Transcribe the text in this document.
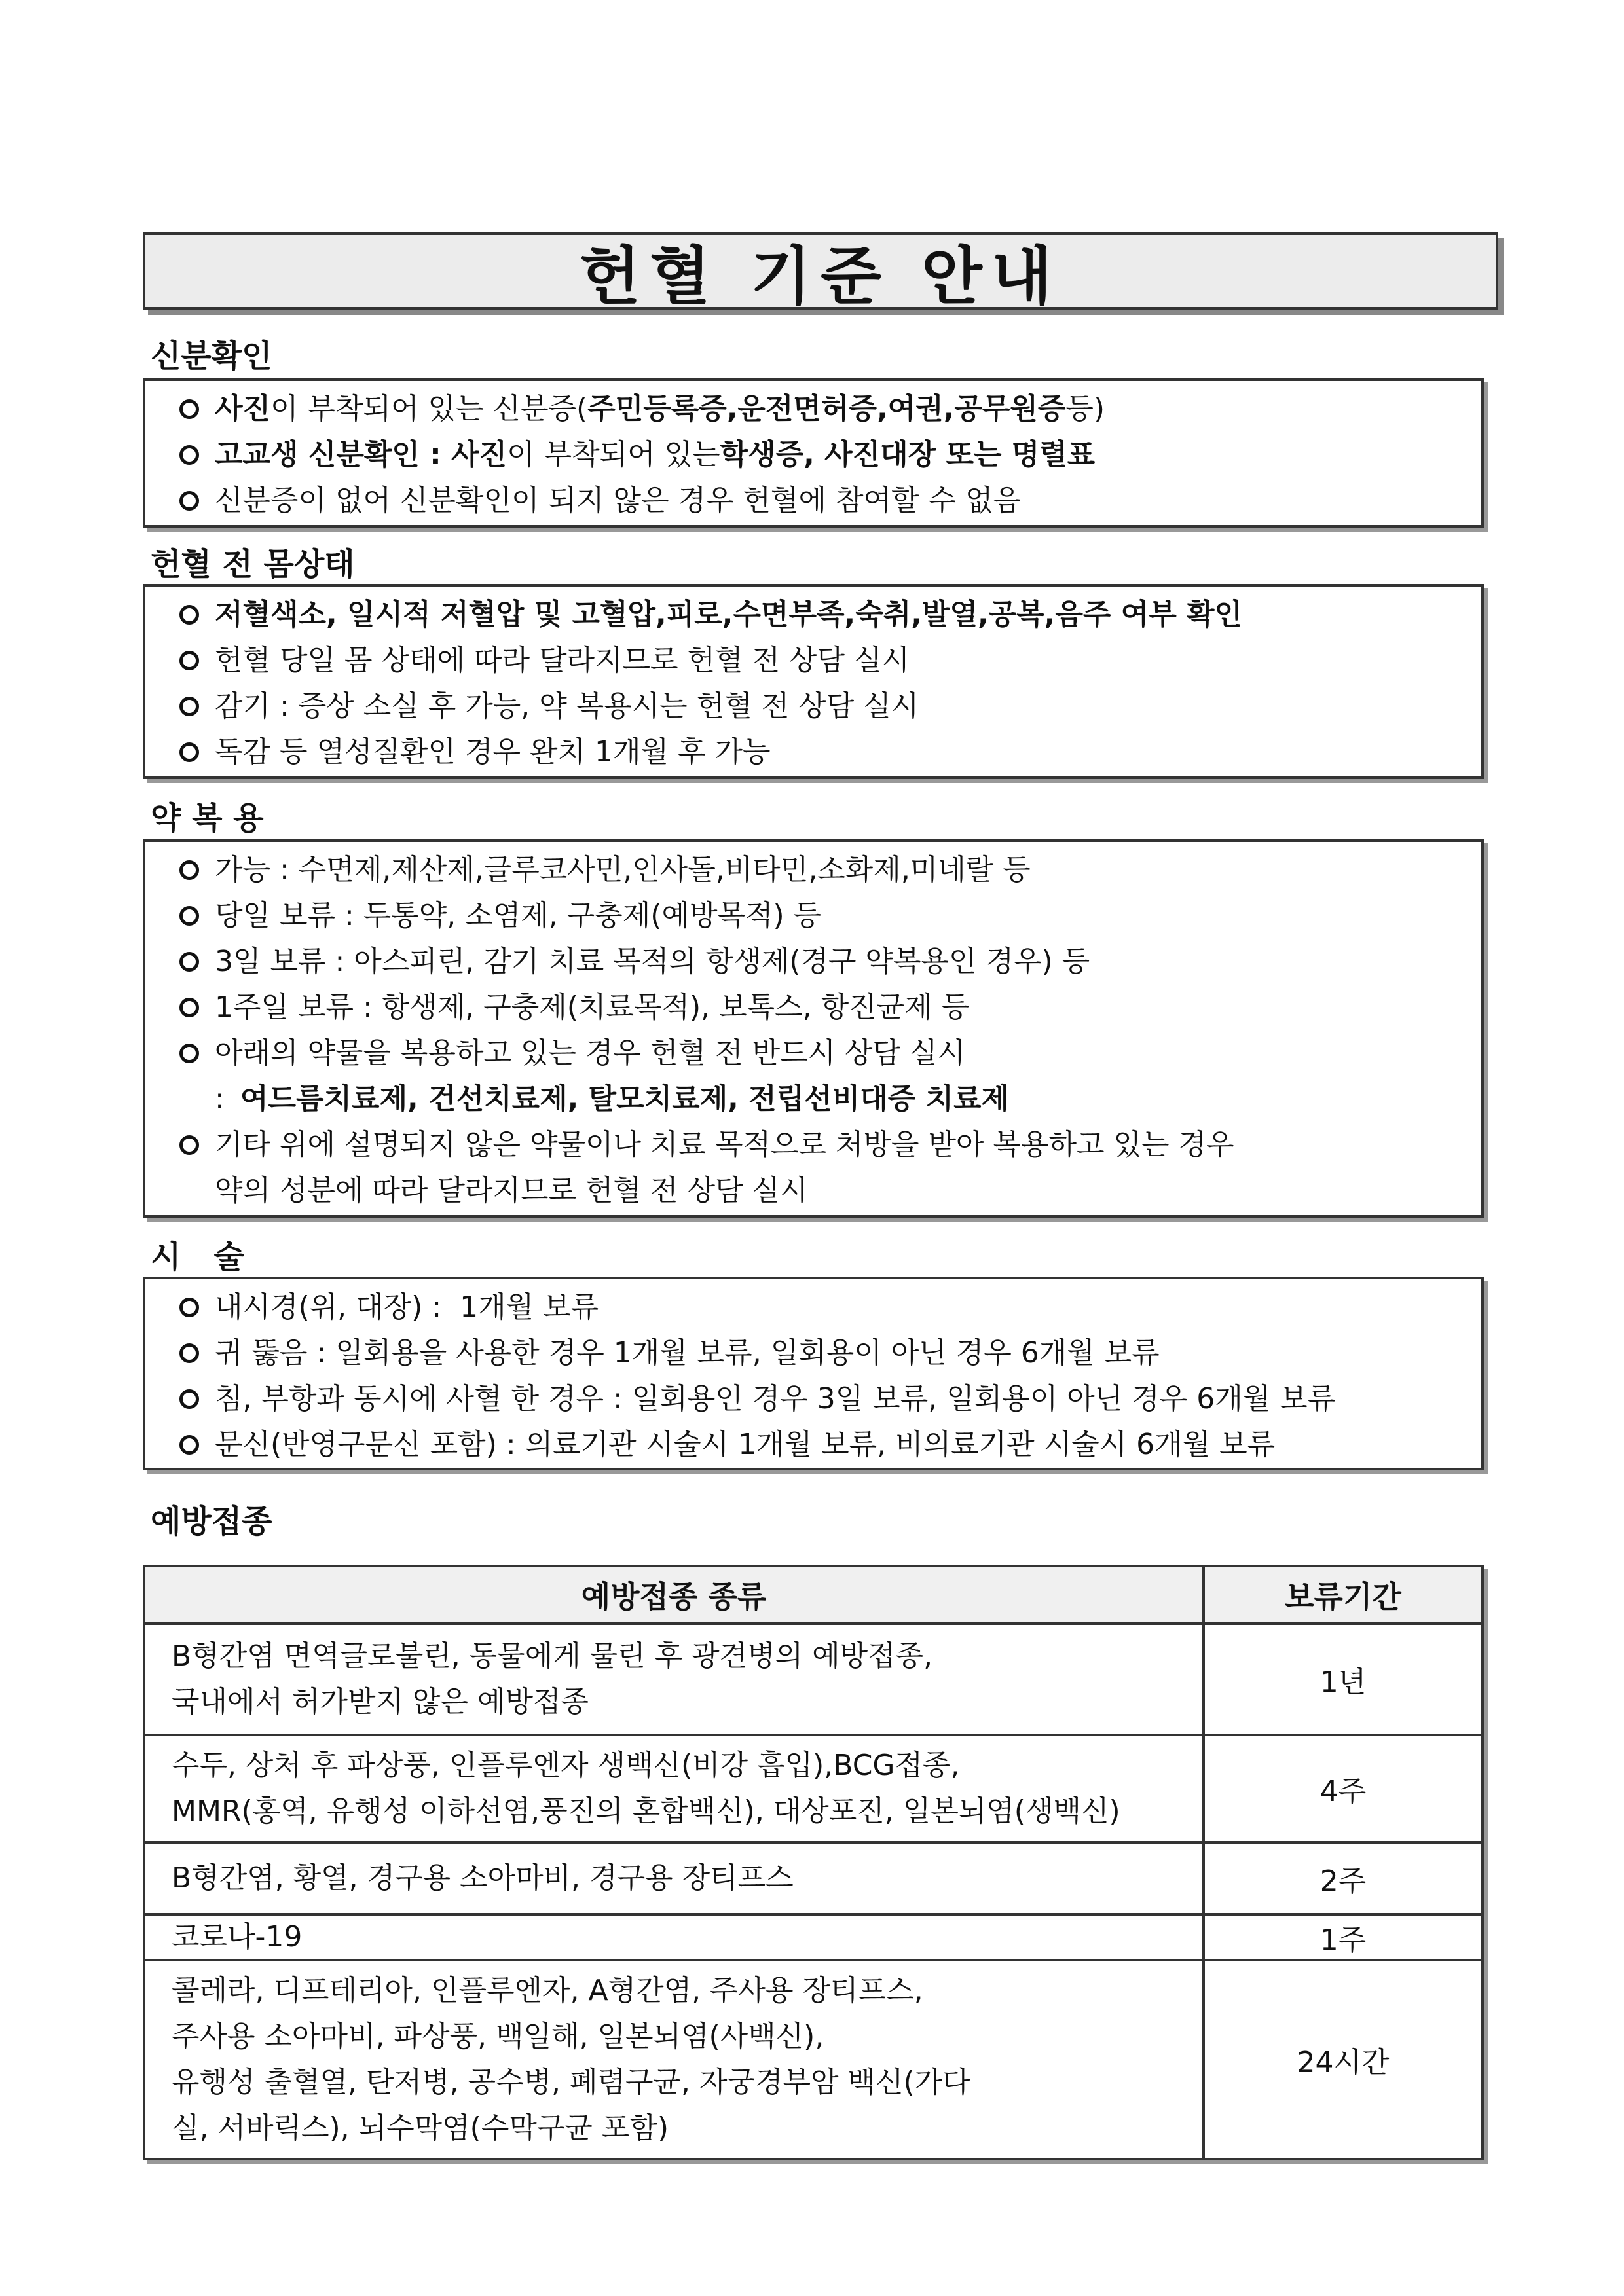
헌혈 기준 안내
신분확인
사진 이 부착되어 있는 신분증( 주민등록증,운전면허증,여권,공무원증 등)
고교생 신분확인 : 사진 이 부착되어 있는 학생증, 사진대장 또는 명렬표
신분증이 없어 신분확인이 되지 않은 경우 헌혈에 참여할 수 없음
헌혈 전 몸상태
저혈색소, 일시적 저혈압 및 고혈압,피로,수면부족,숙취,발열,공복,음주 여부 확인
헌혈 당일 몸 상태에 따라 달라지므로 헌혈 전 상담 실시
감기 : 증상 소실 후 가능, 약 복용시는 헌혈 전 상담 실시
독감 등 열성질환인 경우 완치 1개월 후 가능
약 복 용
가능 : 수면제,제산제,글루코사민,인사돌,비타민,소화제,미네랄 등
당일 보류 : 두통약, 소염제, 구충제(예방목적) 등
3일 보류 : 아스피린, 감기 치료 목적의 항생제(경구 약복용인 경우) 등
1주일 보류 : 항생제, 구충제(치료목적), 보톡스, 항진균제 등
아래의 약물을 복용하고 있는 경우 헌혈 전 반드시 상담 실시
: 여드름치료제, 건선치료제, 탈모치료제, 전립선비대증 치료제
기타 위에 설명되지 않은 약물이나 치료 목적으로 처방을 받아 복용하고 있는 경우
약의 성분에 따라 달라지므로 헌혈 전 상담 실시
시   술
내시경(위, 대장) :  1개월 보류
귀 뚫음 : 일회용을 사용한 경우 1개월 보류, 일회용이 아닌 경우 6개월 보류
침, 부항과 동시에 사혈 한 경우 : 일회용인 경우 3일 보류, 일회용이 아닌 경우 6개월 보류
문신(반영구문신 포함) : 의료기관 시술시 1개월 보류, 비의료기관 시술시 6개월 보류
예방접종
예방접종 종류	보류기간

B형간염 면역글로불린, 동물에게 물린 후 광견병의 예방접종,
국내에서 허가받지 않은 예방접종	1년

수두, 상처 후 파상풍, 인플루엔자 생백신(비강 흡입),BCG접종,
MMR(홍역, 유행성 이하선염,풍진의 혼합백신), 대상포진, 일본뇌염(생백신)	4주

B형간염, 황열, 경구용 소아마비, 경구용 장티프스	2주

코로나-19	1주

콜레라, 디프테리아, 인플루엔자, A형간염, 주사용 장티프스,
주사용 소아마비, 파상풍, 백일해, 일본뇌염(사백신),
유행성 출혈열, 탄저병, 공수병, 폐렴구균, 자궁경부암 백신(가다
실, 서바릭스), 뇌수막염(수막구균 포함)	24시간
